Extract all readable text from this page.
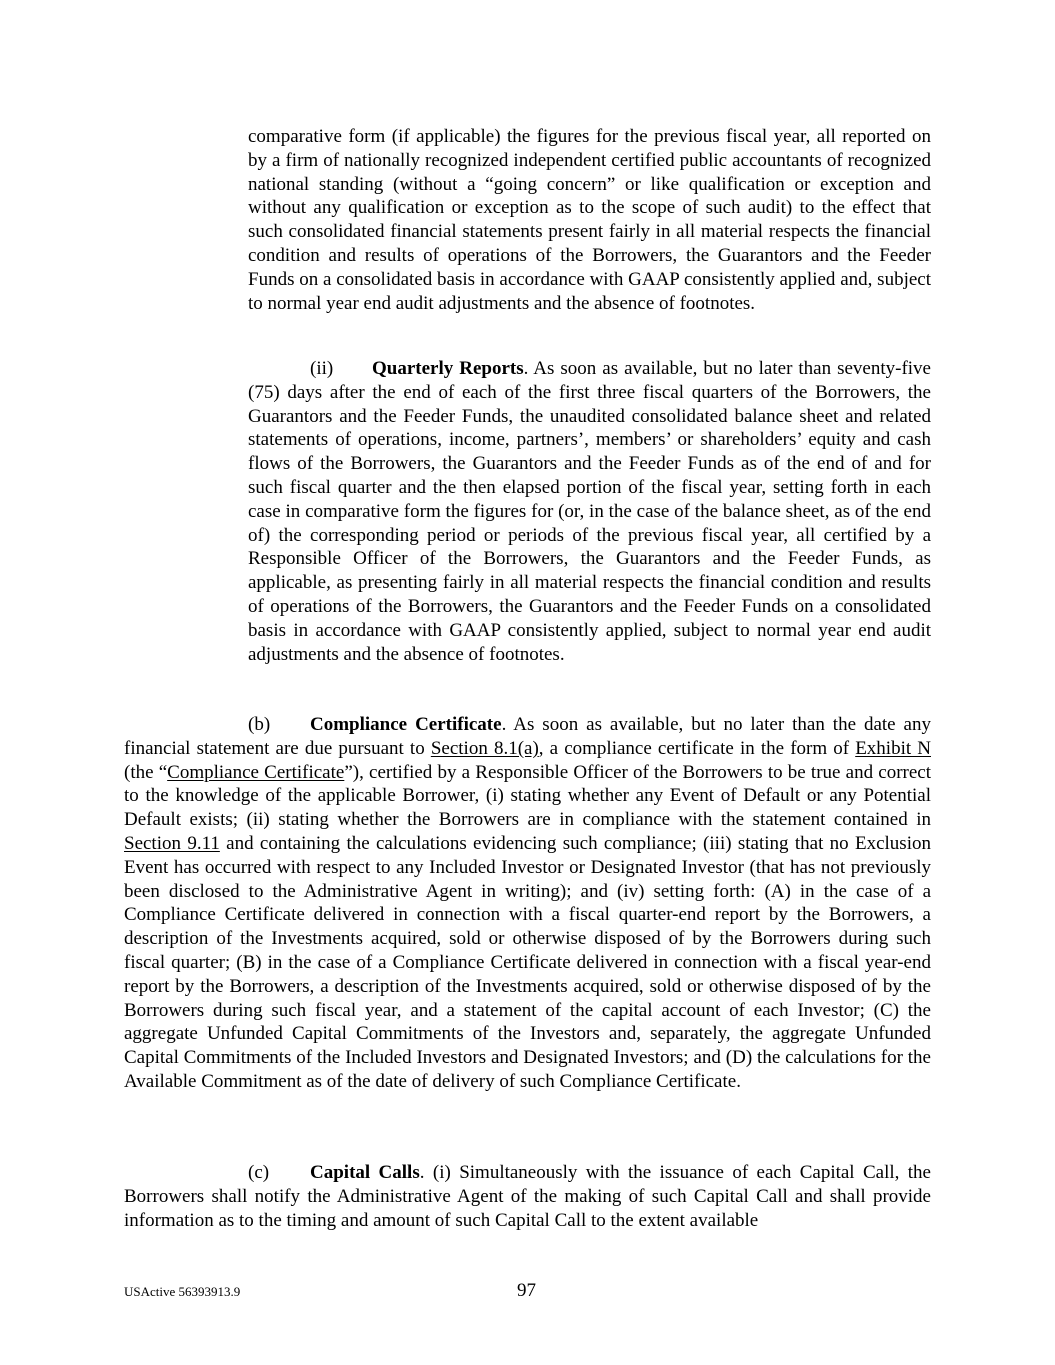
comparative form (if applicable) the figures for the previous fiscal year, all reported on by a firm of nationally recognized independent certified public accountants of recognized national standing (without a “going concern” or like qualification or exception and without any qualification or exception as to the scope of such audit) to the effect that such consolidated financial statements present fairly in all material respects the financial condition and results of operations of the Borrowers, the Guarantors and the Feeder Funds on a consolidated basis in accordance with GAAP consistently applied and, subject to normal year end audit adjustments and the absence of footnotes.

(ii) Quarterly Reports. As soon as available, but no later than seventy-five (75) days after the end of each of the first three fiscal quarters of the Borrowers, the Guarantors and the Feeder Funds, the unaudited consolidated balance sheet and related statements of operations, income, partners’, members’ or shareholders’ equity and cash flows of the Borrowers, the Guarantors and the Feeder Funds as of the end of and for such fiscal quarter and the then elapsed portion of the fiscal year, setting forth in each case in comparative form the figures for (or, in the case of the balance sheet, as of the end of) the corresponding period or periods of the previous fiscal year, all certified by a Responsible Officer of the Borrowers, the Guarantors and the Feeder Funds, as applicable, as presenting fairly in all material respects the financial condition and results of operations of the Borrowers, the Guarantors and the Feeder Funds on a consolidated basis in accordance with GAAP consistently applied, subject to normal year end audit adjustments and the absence of footnotes.

(b) Compliance Certificate. As soon as available, but no later than the date any financial statement are due pursuant to Section 8.1(a), a compliance certificate in the form of Exhibit N (the “Compliance Certificate”), certified by a Responsible Officer of the Borrowers to be true and correct to the knowledge of the applicable Borrower, (i) stating whether any Event of Default or any Potential Default exists; (ii) stating whether the Borrowers are in compliance with the statement contained in Section 9.11 and containing the calculations evidencing such compliance; (iii) stating that no Exclusion Event has occurred with respect to any Included Investor or Designated Investor (that has not previously been disclosed to the Administrative Agent in writing); and (iv) setting forth: (A) in the case of a Compliance Certificate delivered in connection with a fiscal quarter-end report by the Borrowers, a description of the Investments acquired, sold or otherwise disposed of by the Borrowers during such fiscal quarter; (B) in the case of a Compliance Certificate delivered in connection with a fiscal year-end report by the Borrowers, a description of the Investments acquired, sold or otherwise disposed of by the Borrowers during such fiscal year, and a statement of the capital account of each Investor; (C) the aggregate Unfunded Capital Commitments of the Investors and, separately, the aggregate Unfunded Capital Commitments of the Included Investors and Designated Investors; and (D) the calculations for the Available Commitment as of the date of delivery of such Compliance Certificate.

(c) Capital Calls. (i) Simultaneously with the issuance of each Capital Call, the Borrowers shall notify the Administrative Agent of the making of such Capital Call and shall provide information as to the timing and amount of such Capital Call to the extent available

USActive 56393913.9	97
